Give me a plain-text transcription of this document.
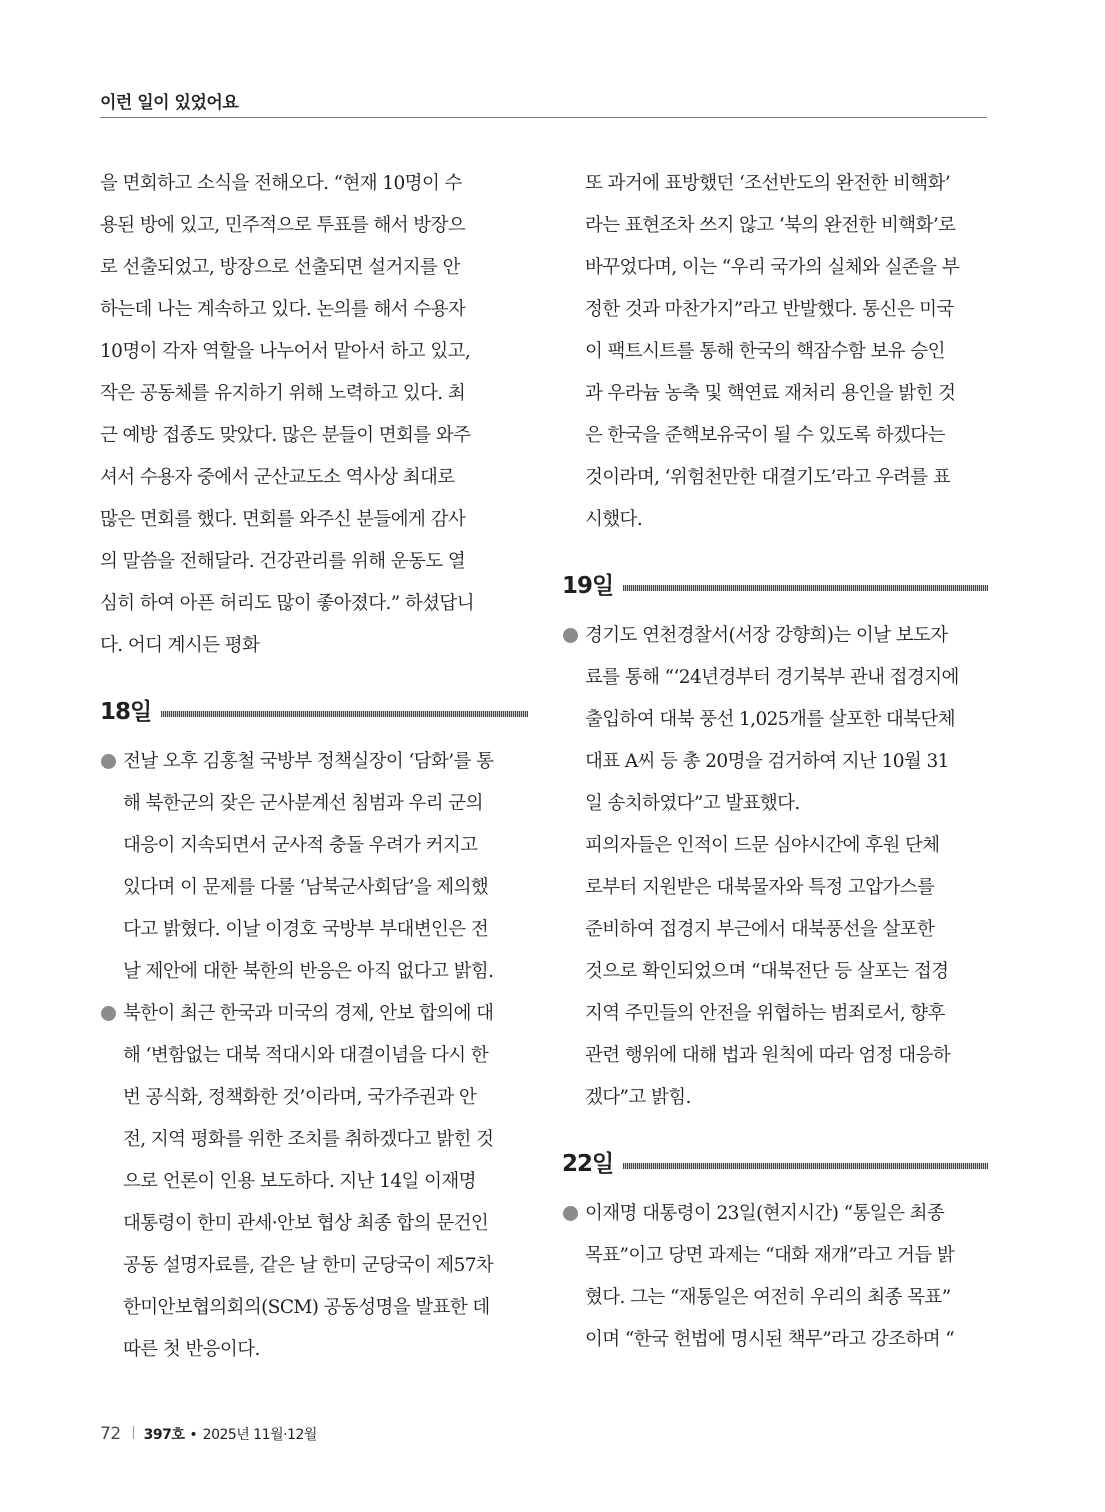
이런 일이 있었어요
을 면회하고 소식을 전해오다. “현재 10명이 수
용된 방에 있고, 민주적으로 투표를 해서 방장으
로 선출되었고, 방장으로 선출되면 설거지를 안
하는데 나는 계속하고 있다. 논의를 해서 수용자
10명이 각자 역할을 나누어서 맡아서 하고 있고,
작은 공동체를 유지하기 위해 노력하고 있다. 최
근 예방 접종도 맞았다. 많은 분들이 면회를 와주
셔서 수용자 중에서 군산교도소 역사상 최대로
많은 면회를 했다. 면회를 와주신 분들에게 감사
의 말씀을 전해달라. 건강관리를 위해 운동도 열
심히 하여 아픈 허리도 많이 좋아졌다.” 하셨답니
다. 어디 계시든 평화
18일
전날 오후 김홍철 국방부 정책실장이 ‘담화’를 통
해 북한군의 잦은 군사분계선 침범과 우리 군의
대응이 지속되면서 군사적 충돌 우려가 커지고
있다며 이 문제를 다룰 ‘남북군사회담’을 제의했
다고 밝혔다. 이날 이경호 국방부 부대변인은 전
날 제안에 대한 북한의 반응은 아직 없다고 밝힘.
북한이 최근 한국과 미국의 경제, 안보 합의에 대
해 ‘변함없는 대북 적대시와 대결이념을 다시 한
번 공식화, 정책화한 것’이라며, 국가주권과 안
전, 지역 평화를 위한 조치를 취하겠다고 밝힌 것
으로 언론이 인용 보도하다. 지난 14일 이재명
대통령이 한미 관세·안보 협상 최종 합의 문건인
공동 설명자료를, 같은 날 한미 군당국이 제57차
한미안보협의회의(SCM) 공동성명을 발표한 데
따른 첫 반응이다.
또 과거에 표방했던 ‘조선반도의 완전한 비핵화’
라는 표현조차 쓰지 않고 ‘북의 완전한 비핵화’로
바꾸었다며, 이는 “우리 국가의 실체와 실존을 부
정한 것과 마찬가지”라고 반발했다. 통신은 미국
이 팩트시트를 통해 한국의 핵잠수함 보유 승인
과 우라늄 농축 및 핵연료 재처리 용인을 밝힌 것
은 한국을 준핵보유국이 될 수 있도록 하겠다는
것이라며, ‘위험천만한 대결기도’라고 우려를 표
시했다.
19일
경기도 연천경찰서(서장 강향희)는 이날 보도자
료를 통해 “‘24년경부터 경기북부 관내 접경지에
출입하여 대북 풍선 1,025개를 살포한 대북단체
대표 A씨 등 총 20명을 검거하여 지난 10월 31
일 송치하였다”고 발표했다.
피의자들은 인적이 드문 심야시간에 후원 단체
로부터 지원받은 대북물자와 특정 고압가스를
준비하여 접경지 부근에서 대북풍선을 살포한
것으로 확인되었으며 “대북전단 등 살포는 접경
지역 주민들의 안전을 위협하는 범죄로서, 향후
관련 행위에 대해 법과 원칙에 따라 엄정 대응하
겠다”고 밝힘.
22일
이재명 대통령이 23일(현지시간) “통일은 최종
목표”이고 당면 과제는 “대화 재개”라고 거듭 밝
혔다. 그는 “재통일은 여전히 우리의 최종 목표”
이며 “한국 헌법에 명시된 책무”라고 강조하며 “
72 397호 • 2025년 11월·12월
